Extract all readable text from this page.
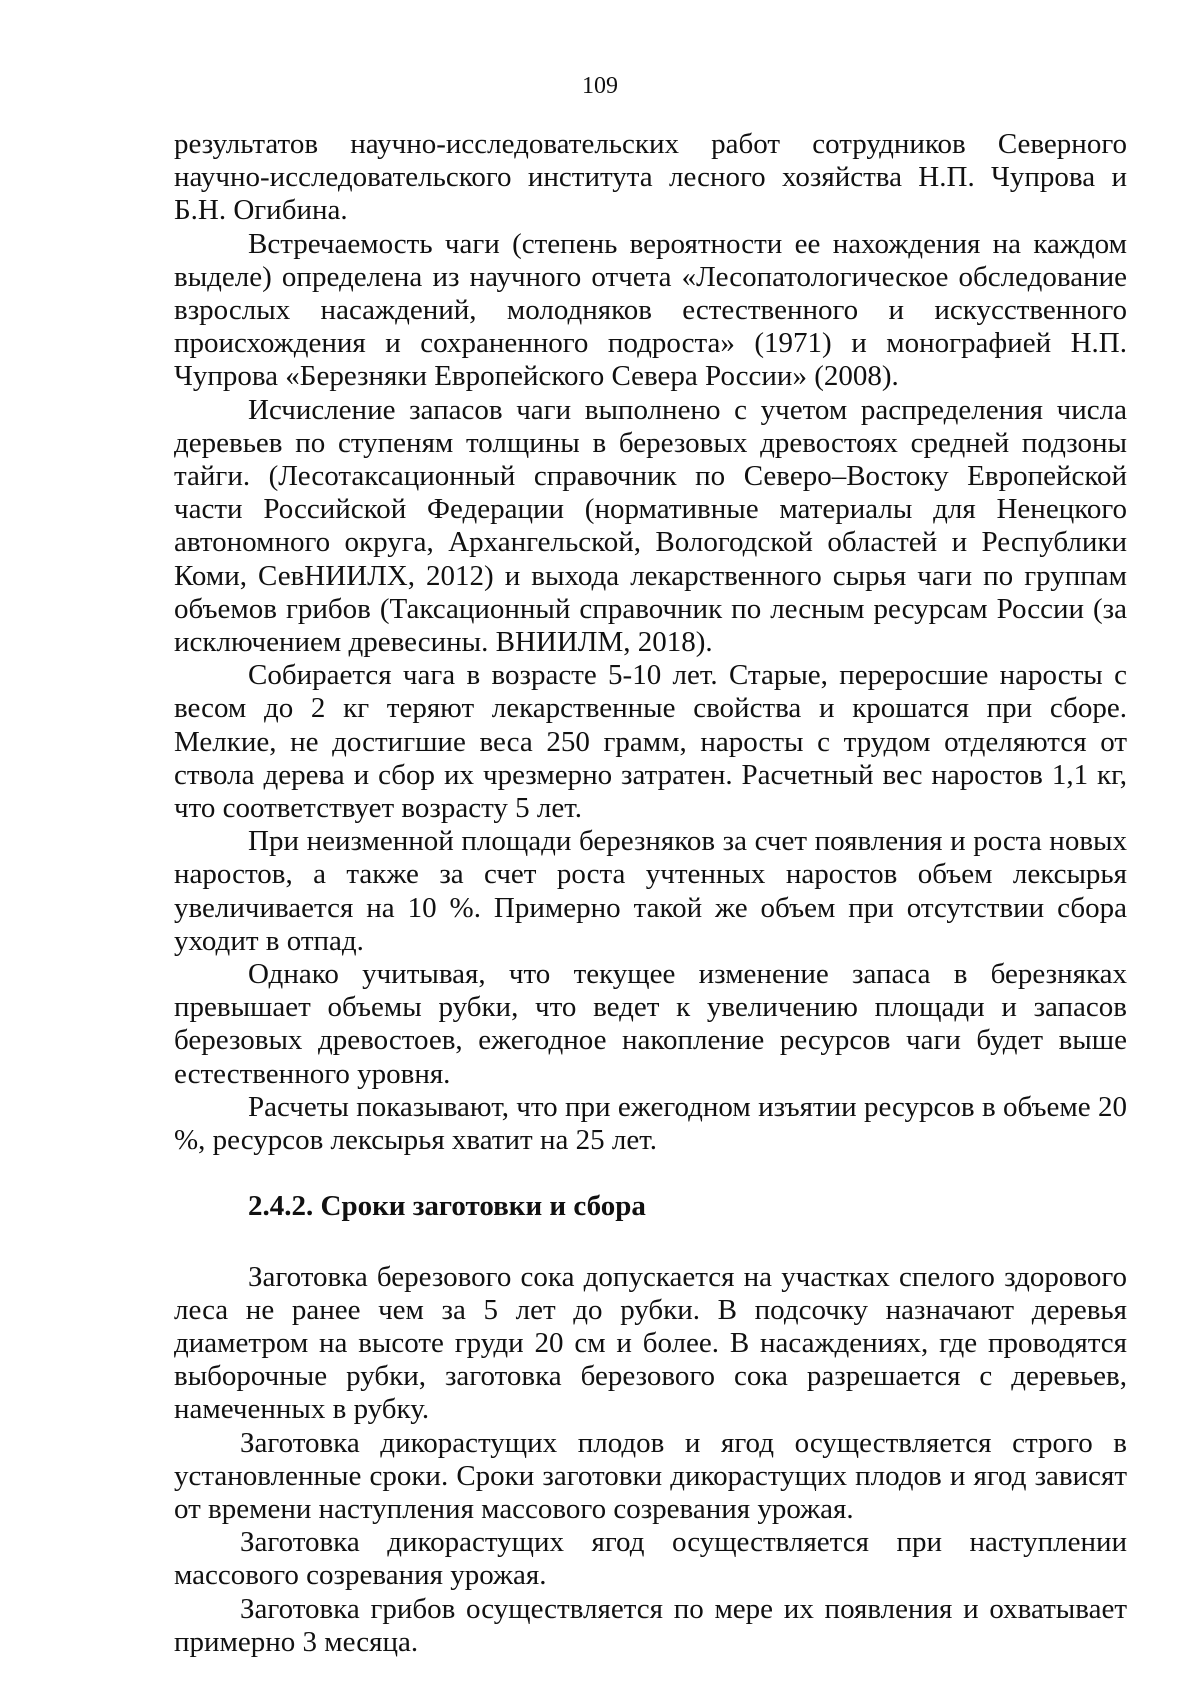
109

результатов научно-исследовательских работ сотрудников Северного научно-исследовательского института лесного хозяйства Н.П. Чупрова и Б.Н. Огибина.

Встречаемость чаги (степень вероятности ее нахождения на каждом выделе) определена из научного отчета «Лесопатологическое обследование взрослых насаждений, молодняков естественного и искусственного происхождения и сохраненного подроста» (1971) и монографией Н.П. Чупрова «Березняки Европейского Севера России» (2008).

Исчисление запасов чаги выполнено с учетом распределения числа деревьев по ступеням толщины в березовых древостоях средней подзоны тайги. (Лесотаксационный справочник по Северо–Востоку Европейской части Российской Федерации (нормативные материалы для Ненецкого автономного округа, Архангельской, Вологодской областей и Республики Коми, СевНИИЛХ, 2012) и выхода лекарственного сырья чаги по группам объемов грибов (Таксационный справочник по лесным ресурсам России (за исключением древесины. ВНИИЛМ, 2018).

Собирается чага в возрасте 5-10 лет. Старые, переросшие наросты с весом до 2 кг теряют лекарственные свойства и крошатся при сборе. Мелкие, не достигшие веса 250 грамм, наросты с трудом отделяются от ствола дерева и сбор их чрезмерно затратен. Расчетный вес наростов 1,1 кг, что соответствует возрасту 5 лет.

При неизменной площади березняков за счет появления и роста новых наростов, а также за счет роста учтенных наростов объем лексырья увеличивается на 10 %. Примерно такой же объем при отсутствии сбора уходит в отпад.

Однако учитывая, что текущее изменение запаса в березняках превышает объемы рубки, что ведет к увеличению площади и запасов березовых древостоев, ежегодное накопление ресурсов чаги будет выше естественного уровня.

Расчеты показывают, что при ежегодном изъятии ресурсов в объеме 20 %, ресурсов лексырья хватит на 25 лет.

2.4.2. Сроки заготовки и сбора

Заготовка березового сока допускается на участках спелого здорового леса не ранее чем за 5 лет до рубки. В подсочку назначают деревья диаметром на высоте груди 20 см и более. В насаждениях, где проводятся выборочные рубки, заготовка березового сока разрешается с деревьев, намеченных в рубку.

Заготовка дикорастущих плодов и ягод осуществляется строго в установленные сроки. Сроки заготовки дикорастущих плодов и ягод зависят от времени наступления массового созревания урожая.

Заготовка дикорастущих ягод осуществляется при наступлении массового созревания урожая.

Заготовка грибов осуществляется по мере их появления и охватывает примерно 3 месяца.
